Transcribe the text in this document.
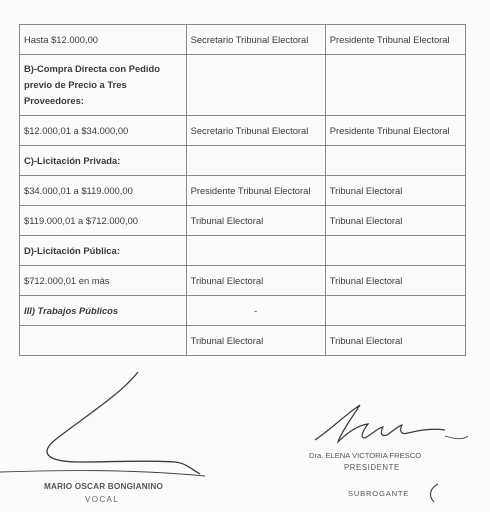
Hasta $12.000,00	Secretario Tribunal Electoral	Presidente Tribunal Electoral

B)-Compra Directa con Pedido
previo de Precio a Tres
Proveedores:		

$12.000,01 a $34.000,00	Secretario Tribunal Electoral	Presidente Tribunal Electoral
C)-Licitación Privada:		
$34.000,01 a $119.000,00	Presidente Tribunal Electoral	Tribunal Electoral
$119.000,01 a $712.000,00	Tribunal Electoral	Tribunal Electoral
D)-Licitación Pública:		
$712.000,01 en más	Tribunal Electoral	Tribunal Electoral
III) Trabajos Públicos	-	
	Tribunal Electoral	Tribunal Electoral
MARIO OSCAR BONGIANINO
VOCAL
Dra. ELENA VICTORIA FRESCO
PRESIDENTE
SUBROGANTE
